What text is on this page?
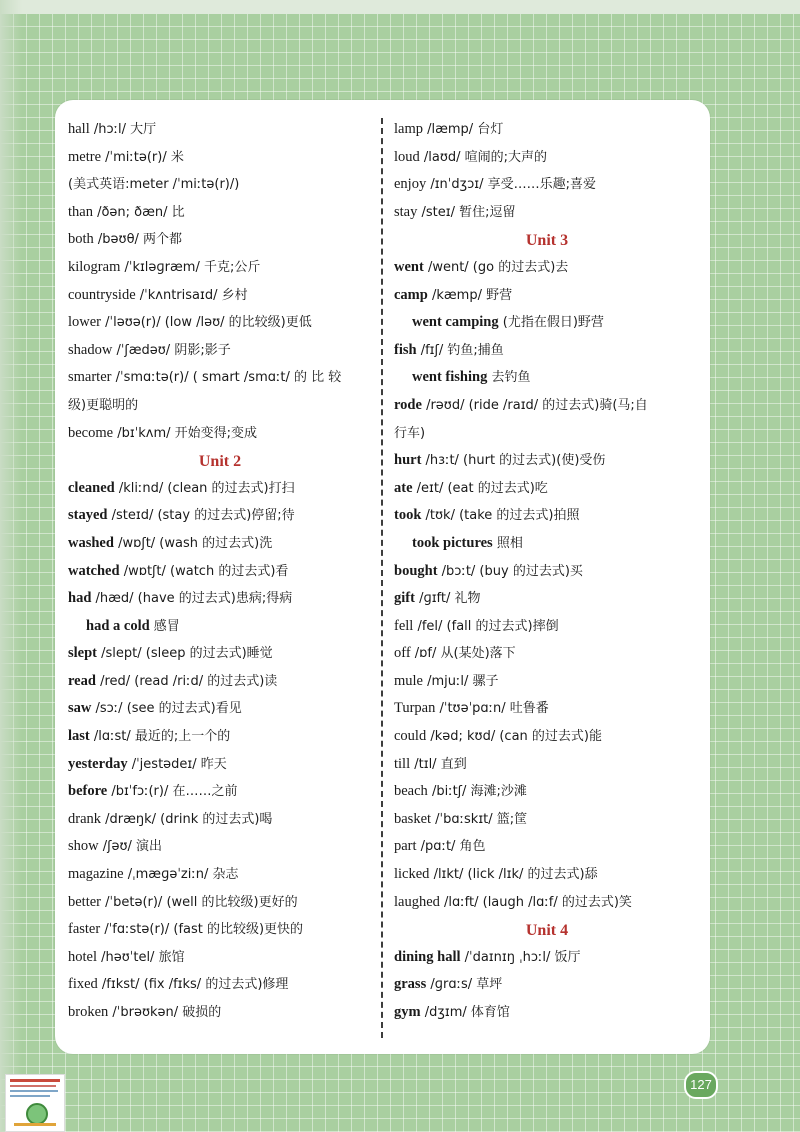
hall /hɔːl/ 大厅
metre /ˈmiːtə(r)/ 米
(美式英语:meter /ˈmiːtə(r)/)
than /ðən; ðæn/ 比
both /bəʊθ/ 两个都
kilogram /ˈkɪləɡræm/ 千克;公斤
countryside /ˈkʌntrisaɪd/ 乡村
lower /ˈləʊə(r)/ (low /ləʊ/ 的比较级)更低
shadow /ˈʃædəʊ/ 阴影;影子
smarter /ˈsmɑːtə(r)/ ( smart /smɑːt/ 的 比 较
级)更聪明的
become /bɪˈkʌm/ 开始变得;变成
Unit 2
cleaned /kliːnd/ (clean 的过去式)打扫
stayed /steɪd/ (stay 的过去式)停留;待
washed /wɒʃt/ (wash 的过去式)洗
watched /wɒtʃt/ (watch 的过去式)看
had /hæd/ (have 的过去式)患病;得病
had a cold 感冒
slept /slept/ (sleep 的过去式)睡觉
read /red/ (read /riːd/ 的过去式)读
saw /sɔː/ (see 的过去式)看见
last /lɑːst/ 最近的;上一个的
yesterday /ˈjestədeɪ/ 昨天
before /bɪˈfɔː(r)/ 在……之前
drank /dræŋk/ (drink 的过去式)喝
show /ʃəʊ/ 演出
magazine /ˌmæɡəˈziːn/ 杂志
better /ˈbetə(r)/ (well 的比较级)更好的
faster /ˈfɑːstə(r)/ (fast 的比较级)更快的
hotel /həʊˈtel/ 旅馆
fixed /fɪkst/ (fix /fɪks/ 的过去式)修理
broken /ˈbrəʊkən/ 破损的
lamp /læmp/ 台灯
loud /laʊd/ 喧闹的;大声的
enjoy /ɪnˈdʒɔɪ/ 享受……乐趣;喜爱
stay /steɪ/ 暂住;逗留
Unit 3
went /went/ (go 的过去式)去
camp /kæmp/ 野营
went camping (尤指在假日)野营
fish /fɪʃ/ 钓鱼;捕鱼
went fishing 去钓鱼
rode /rəʊd/ (ride /raɪd/ 的过去式)骑(马;自
行车)
hurt /hɜːt/ (hurt 的过去式)(使)受伤
ate /eɪt/ (eat 的过去式)吃
took /tʊk/ (take 的过去式)拍照
took pictures 照相
bought /bɔːt/ (buy 的过去式)买
gift /ɡɪft/ 礼物
fell /fel/ (fall 的过去式)摔倒
off /ɒf/ 从(某处)落下
mule /mjuːl/ 骡子
Turpan /ˈtʊəˈpɑːn/ 吐鲁番
could /kəd; kʊd/ (can 的过去式)能
till /tɪl/ 直到
beach /biːtʃ/ 海滩;沙滩
basket /ˈbɑːskɪt/ 篮;筐
part /pɑːt/ 角色
licked /lɪkt/ (lick /lɪk/ 的过去式)舔
laughed /lɑːft/ (laugh /lɑːf/ 的过去式)笑
Unit 4
dining hall /ˈdaɪnɪŋ ˌhɔːl/ 饭厅
grass /ɡrɑːs/ 草坪
gym /dʒɪm/ 体育馆
127
